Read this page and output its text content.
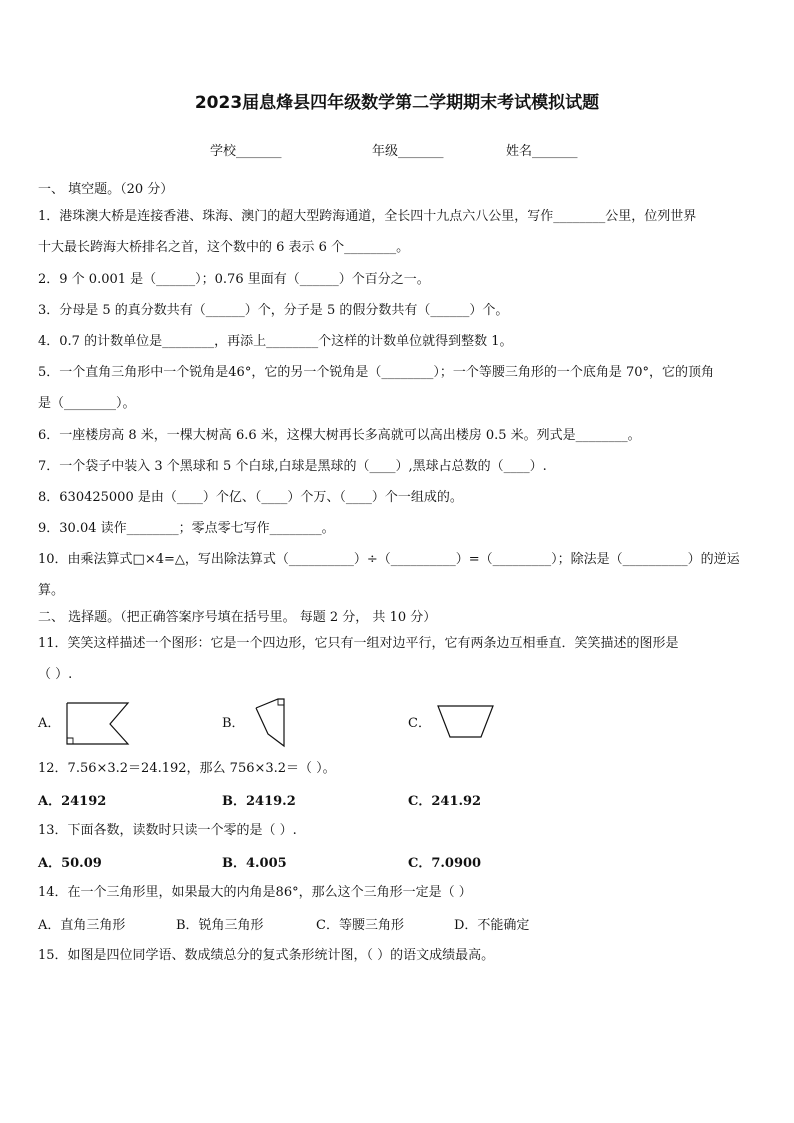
2023届息烽县四年级数学第二学期期末考试模拟试题
学校_______	年级_______	姓名_______
一、 填空题。（20 分）
1．港珠澳大桥是连接香港、珠海、澳门的超大型跨海通道，全长四十九点六八公里，写作________公里，位列世界
十大最长跨海大桥排名之首，这个数中的 6 表示 6 个________。
2．9 个 0.001 是（______）；0.76 里面有（______）个百分之一。
3．分母是 5 的真分数共有（______）个，分子是 5 的假分数共有（______）个。
4．0.7 的计数单位是________，再添上________个这样的计数单位就得到整数 1。
5．一个直角三角形中一个锐角是46°，它的另一个锐角是（________）；一个等腰三角形的一个底角是 70°，它的顶角
是（________）。
6．一座楼房高 8 米，一棵大树高 6.6 米，这棵大树再长多高就可以高出楼房 0.5 米。列式是________。
7．一个袋子中装入 3 个黑球和 5 个白球,白球是黑球的（____）,黑球占总数的（____）.
8．630425000 是由（____）个亿、（____）个万、（____）个一组成的。
9．30.04 读作________；零点零七写作________。
10．由乘法算式□×4=△，写出除法算式（__________）÷（__________）=（_________）；除法是（__________）的逆运
算。
二、 选择题。（把正确答案序号填在括号里。 每题 2 分， 共 10 分）
11．笑笑这样描述一个图形：它是一个四边形，它只有一组对边平行，它有两条边互相垂直．笑笑描述的图形是
（ ）.
A．	B．	C．
12．7.56×3.2＝24.192，那么 756×3.2＝（ ）。
A．24192	B．2419.2	C．241.92
13．下面各数，读数时只读一个零的是（ ）.
A．50.09	B．4.005	C．7.0900
14．在一个三角形里，如果最大的内角是86°，那么这个三角形一定是（ ）
A．直角三角形	B．锐角三角形	C．等腰三角形	D．不能确定
15．如图是四位同学语、数成绩总分的复式条形统计图，（ ）的语文成绩最高。
